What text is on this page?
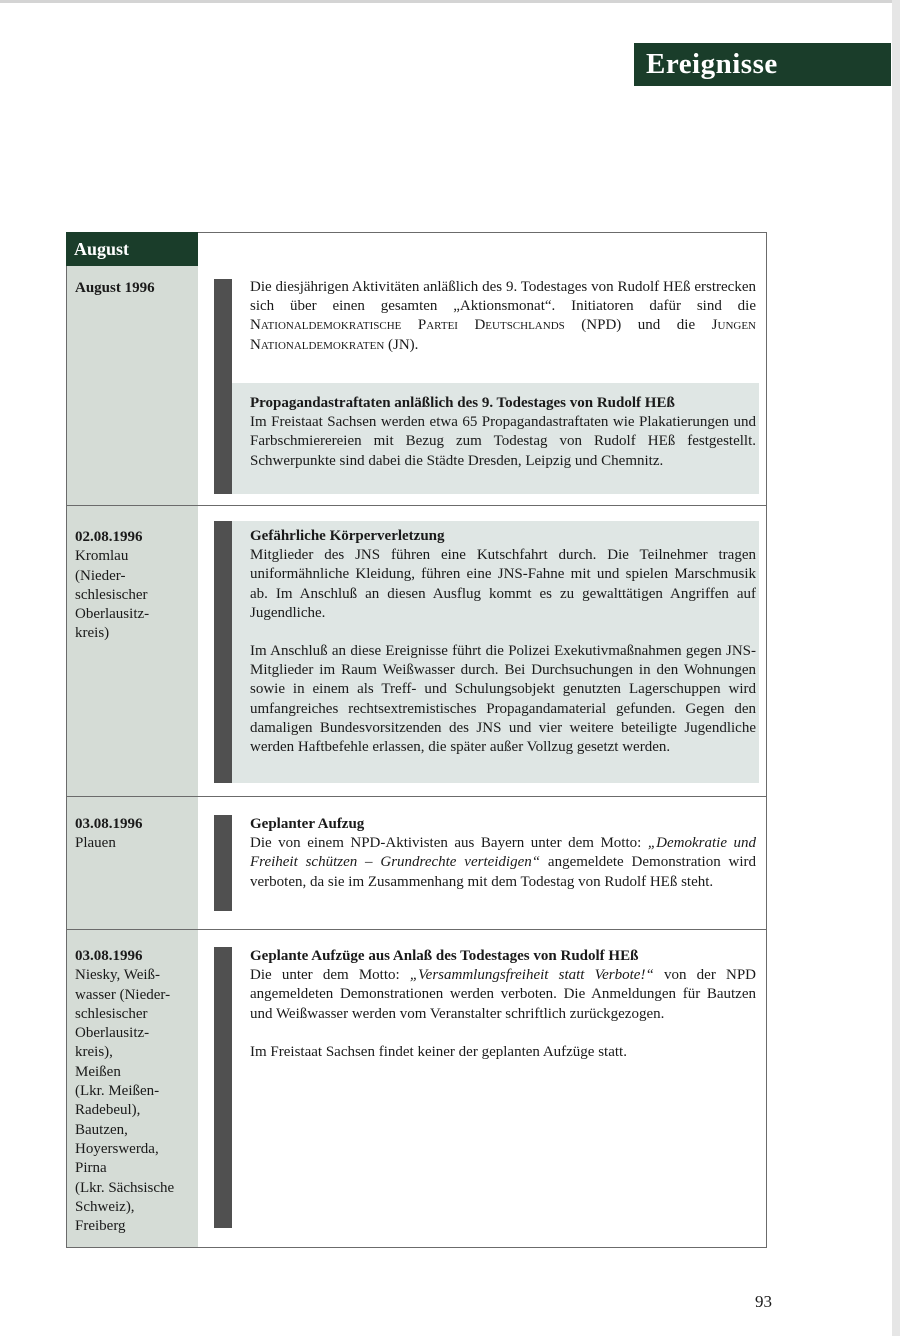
Ereignisse
August
August 1996	Die diesjährigen Aktivitäten anläßlich des 9. Todestages von Rudolf HEß erstrecken sich über einen gesamten „Aktionsmonat“. Initiatoren dafür sind die Nationaldemokratische Partei Deutschlands (NPD) und die Jungen Nationaldemokraten (JN).

Propagandastraftaten anläßlich des 9. Todestages von Rudolf HEß

Im Freistaat Sachsen werden etwa 65 Propagandastraftaten wie Plakatierungen und Farbschmierereien mit Bezug zum Todestag von Rudolf HEß festgestellt. Schwerpunkte sind dabei die Städte Dresden, Leipzig und Chemnitz.

02.08.1996
Kromlau
(Nieder-
schlesischer
Oberlausitz-
kreis)
Gefährliche Körperverletzung

Mitglieder des JNS führen eine Kutschfahrt durch. Die Teilnehmer tragen uniformähnliche Kleidung, führen eine JNS-Fahne mit und spielen Marschmusik ab. Im Anschluß an diesen Ausflug kommt es zu gewalttätigen Angriffen auf Jugendliche.

Im Anschluß an diese Ereignisse führt die Polizei Exekutivmaßnahmen gegen JNS-Mitglieder im Raum Weißwasser durch. Bei Durchsuchungen in den Wohnungen sowie in einem als Treff- und Schulungsobjekt genutzten Lagerschuppen wird umfangreiches rechtsextremistisches Propagandamaterial gefunden. Gegen den damaligen Bundesvorsitzenden des JNS und vier weitere beteiligte Jugendliche werden Haftbefehle erlassen, die später außer Vollzug gesetzt werden.

03.08.1996
Plauen
Geplanter Aufzug

Die von einem NPD-Aktivisten aus Bayern unter dem Motto: „Demokratie und Freiheit schützen – Grundrechte verteidigen“ angemeldete Demonstration wird verboten, da sie im Zusammenhang mit dem Todestag von Rudolf HEß steht.

03.08.1996
Niesky, Weiß-
wasser (Nieder-
schlesischer
Oberlausitz-
kreis),
Meißen
(Lkr. Meißen-
Radebeul),
Bautzen,
Hoyerswerda,
Pirna
(Lkr. Sächsische
Schweiz),
Freiberg
Geplante Aufzüge aus Anlaß des Todestages von Rudolf HEß

Die unter dem Motto: „Versammlungsfreiheit statt Verbote!“ von der NPD angemeldeten Demonstrationen werden verboten. Die Anmeldungen für Bautzen und Weißwasser werden vom Veranstalter schriftlich zurückgezogen.

Im Freistaat Sachsen findet keiner der geplanten Aufzüge statt.

93
